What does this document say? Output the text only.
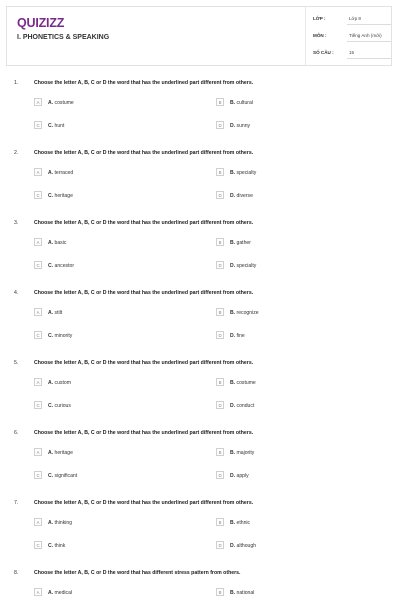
QUIZIZZ
I. PHONETICS & SPEAKING
LỚP :	Lớp 8
MÔN :	Tiếng Anh (mới)
SỐ CÂU :	15
1.	Choose the letter A, B, C or D the word that has the underlined part different from others.
A	A. costume	B	B. cultural
C	C. hunt	D	D. sunny
2.	Choose the letter A, B, C or D the word that has the underlined part different from others.
A	A. terraced	B	B. specialty
C	C. heritage	D	D. diverse
3.	Choose the letter A, B, C or D the word that has the underlined part different from others.
A	A. basic	B	B. gather
C	C. ancestor	D	D. specialty
4.	Choose the letter A, B, C or D the word that has the underlined part different from others.
A	A. stilt	B	B. recognize
C	C. minority	D	D. fine
5.	Choose the letter A, B, C or D the word that has the underlined part different from others.
A	A. custom	B	B. costume
C	C. curious	D	D. conduct
6.	Choose the letter A, B, C or D the word that has the underlined part different from others.
A	A. heritage	B	B. majority
C	C. significant	D	D. apply
7.	Choose the letter A, B, C or D the word that has the underlined part different from others.
A	A. thinking	B	B. ethnic
C	C. think	D	D. although
8.	Choose the letter A, B, C or D the word that has different stress pattern from others.
A	A. medical	B	B. national
